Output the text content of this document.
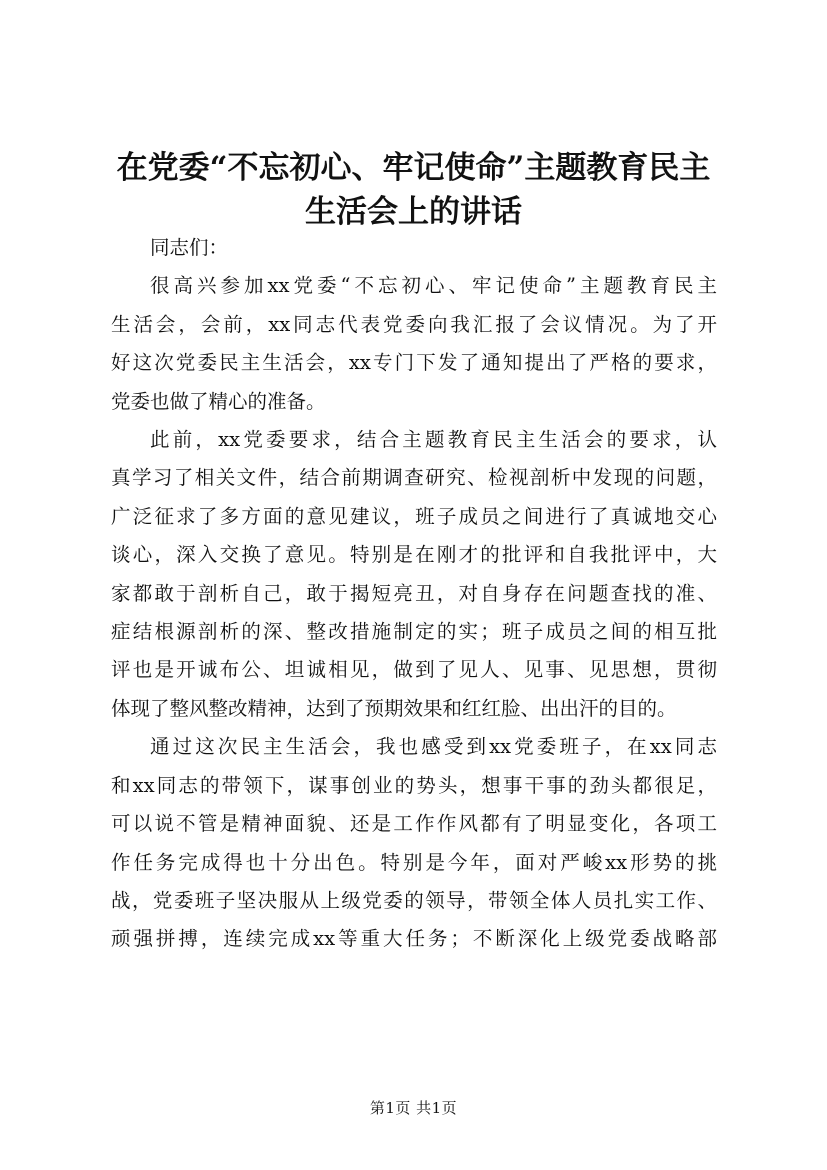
在党委“不忘初心、牢记使命”主题教育民主
生活会上的讲话

同志们：

很高兴参加xx党委“不忘初心、牢记使命”主题教育民主
生活会，会前，xx同志代表党委向我汇报了会议情况。为了开
好这次党委民主生活会，xx专门下发了通知提出了严格的要求，
党委也做了精心的准备。

此前，xx党委要求，结合主题教育民主生活会的要求，认
真学习了相关文件，结合前期调查研究、检视剖析中发现的问题，
广泛征求了多方面的意见建议，班子成员之间进行了真诚地交心
谈心，深入交换了意见。特别是在刚才的批评和自我批评中，大
家都敢于剖析自己，敢于揭短亮丑，对自身存在问题查找的准、
症结根源剖析的深、整改措施制定的实；班子成员之间的相互批
评也是开诚布公、坦诚相见，做到了见人、见事、见思想，贯彻
体现了整风整改精神，达到了预期效果和红红脸、出出汗的目的。

通过这次民主生活会，我也感受到xx党委班子，在xx同志
和xx同志的带领下，谋事创业的势头，想事干事的劲头都很足，
可以说不管是精神面貌、还是工作作风都有了明显变化，各项工
作任务完成得也十分出色。特别是今年，面对严峻xx形势的挑
战，党委班子坚决服从上级党委的领导，带领全体人员扎实工作、
顽强拼搏，连续完成xx等重大任务；不断深化上级党委战略部

第1页 共1页
